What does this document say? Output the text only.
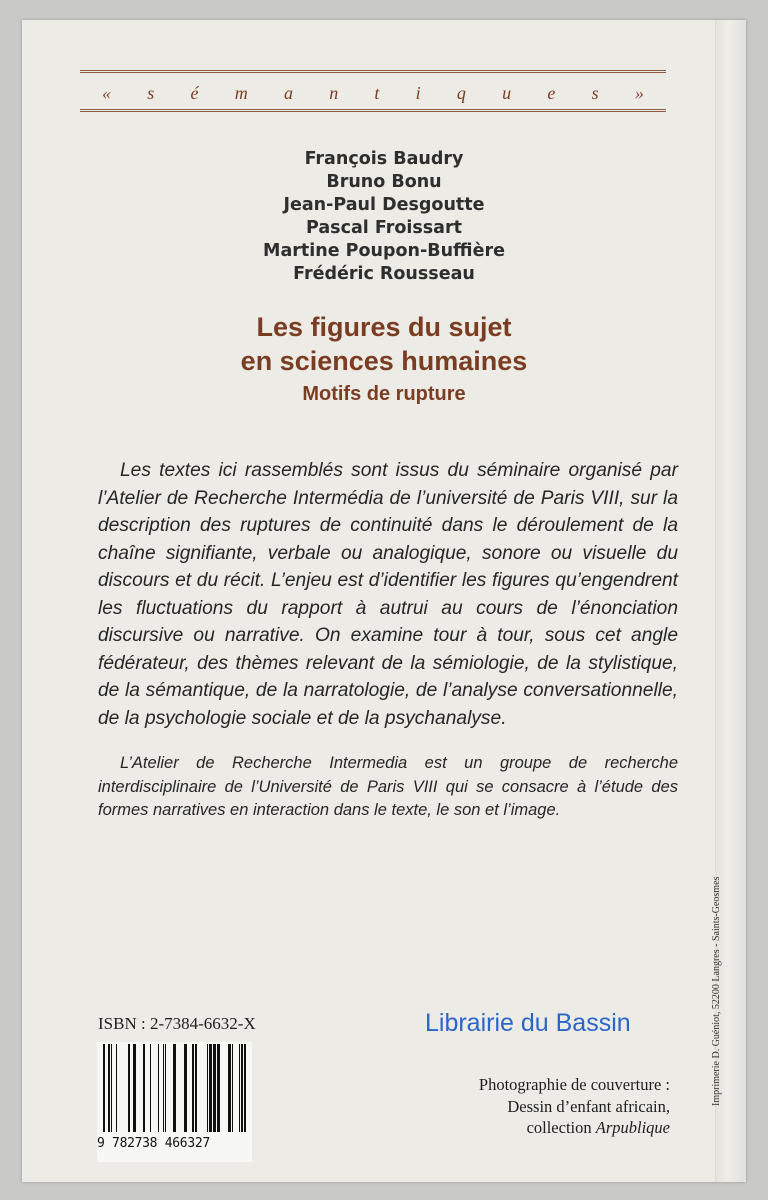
« s é m a n t i q u e s »
François Baudry
Bruno Bonu
Jean-Paul Desgoutte
Pascal Froissart
Martine Poupon-Buffière
Frédéric Rousseau
Les figures du sujet
en sciences humaines
Motifs de rupture
Les textes ici rassemblés sont issus du séminaire organisé par l’Atelier de Recherche Intermédia de l’université de Paris VIII, sur la description des ruptures de continuité dans le déroulement de la chaîne signifiante, verbale ou analogique, sonore ou visuelle du discours et du récit. L’enjeu est d’identifier les figures qu’engendrent les fluctuations du rapport à autrui au cours de l’énonciation discursive ou narrative. On examine tour à tour, sous cet angle fédérateur, des thèmes relevant de la sémiologie, de la stylistique, de la sémantique, de la narratologie, de l’analyse conversationnelle, de la psychologie sociale et de la psychanalyse.
L’Atelier de Recherche Intermedia est un groupe de recherche interdisciplinaire de l’Université de Paris VIII qui se consacre à l’étude des formes narratives en interaction dans le texte, le son et l’image.
ISBN : 2-7384-6632-X	Librairie du Bassin
9 782738 466327
Photographie de couverture :
Dessin d’enfant africain,
collection Arpublique
Imprimerie D. Guéniot, 52200 Langres - Saints-Geosmes
